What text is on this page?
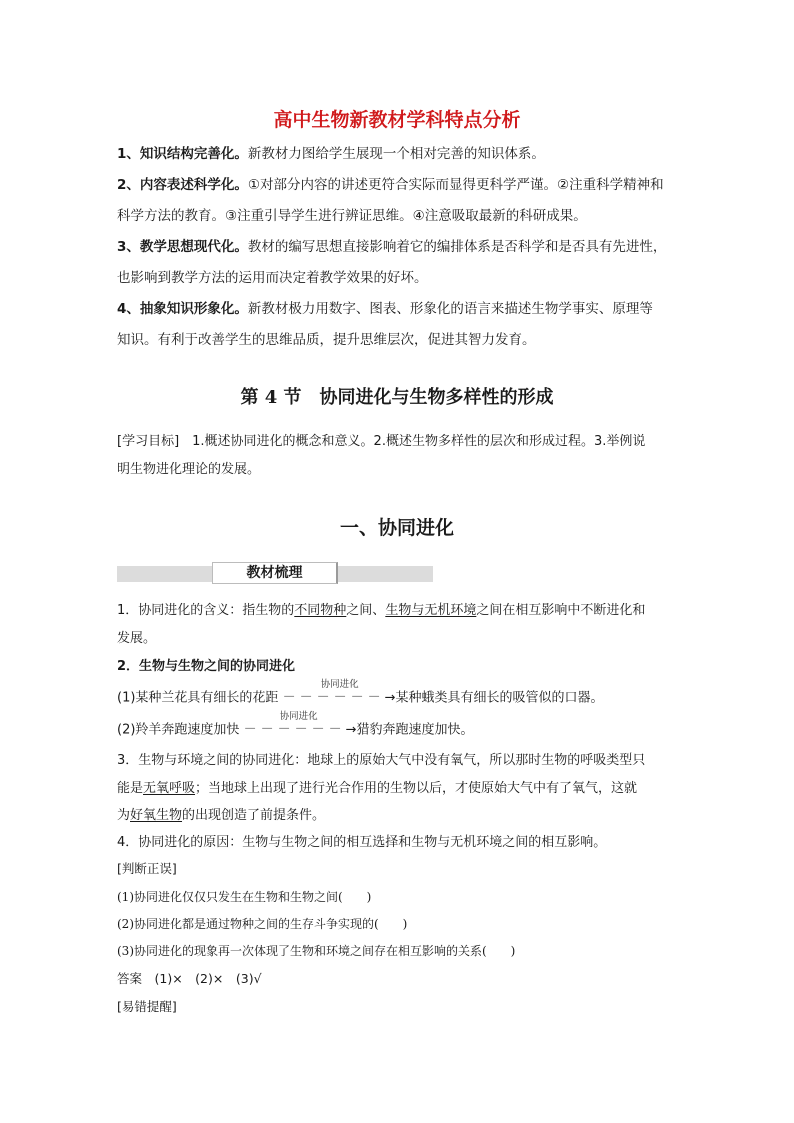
高中生物新教材学科特点分析
1、知识结构完善化。新教材力图给学生展现一个相对完善的知识体系。
2、内容表述科学化。①对部分内容的讲述更符合实际而显得更科学严谨。②注重科学精神和
科学方法的教育。③注重引导学生进行辨证思维。④注意吸取最新的科研成果。
3、教学思想现代化。教材的编写思想直接影响着它的编排体系是否科学和是否具有先进性，
也影响到教学方法的运用而决定着教学效果的好坏。
4、抽象知识形象化。新教材极力用数字、图表、形象化的语言来描述生物学事实、原理等
知识。有利于改善学生的思维品质，提升思维层次，促进其智力发育。
第 4 节　协同进化与生物多样性的形成
[学习目标]　1.概述协同进化的概念和意义。2.概述生物多样性的层次和形成过程。3.举例说
明生物进化理论的发展。
一、协同进化
教材梳理
1．协同进化的含义：指生物的不同物种之间、生物与无机环境之间在相互影响中不断进化和
发展。
2．生物与生物之间的协同进化
(1)某种兰花具有细长的花距
协同进化
－－－－－－→某种蛾类具有细长的吸管似的口器。
(2)羚羊奔跑速度加快
协同进化
－－－－－－→猎豹奔跑速度加快。
3．生物与环境之间的协同进化：地球上的原始大气中没有氧气，所以那时生物的呼吸类型只
能是无氧呼吸；当地球上出现了进行光合作用的生物以后，才使原始大气中有了氧气，这就
为好氧生物的出现创造了前提条件。
4．协同进化的原因：生物与生物之间的相互选择和生物与无机环境之间的相互影响。
[判断正误]
(1)协同进化仅仅只发生在生物和生物之间(　　)
(2)协同进化都是通过物种之间的生存斗争实现的(　　)
(3)协同进化的现象再一次体现了生物和环境之间存在相互影响的关系(　　)
答案　(1)×　(2)×　(3)√
[易错提醒]
